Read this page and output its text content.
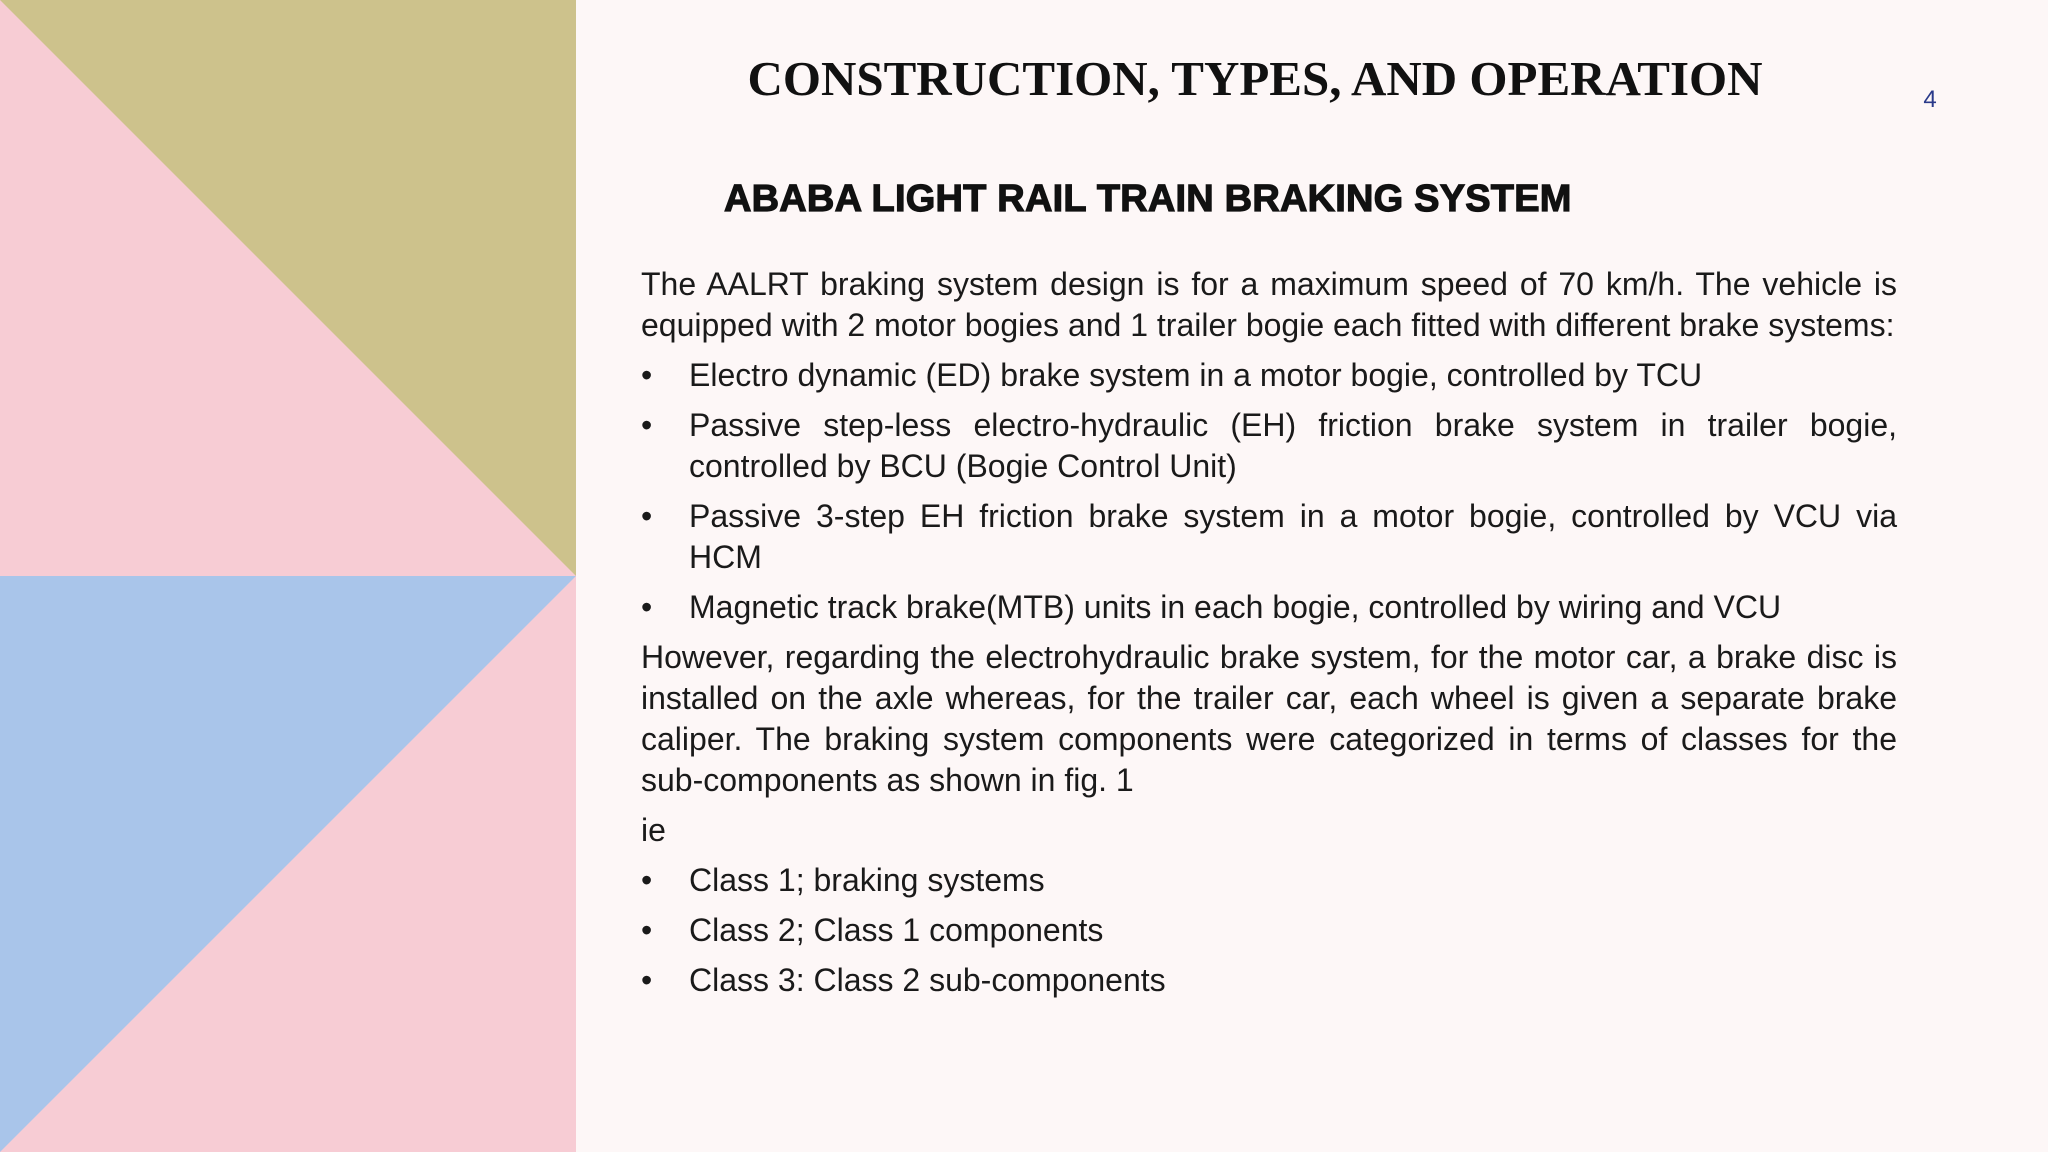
CONSTRUCTION, TYPES, AND OPERATION	4
ABABA LIGHT RAIL TRAIN BRAKING SYSTEM

The AALRT braking system design is for a maximum speed of 70 km/h. The vehicle is equipped with 2 motor bogies and 1 trailer bogie each fitted with different brake systems:

• Electro dynamic (ED) brake system in a motor bogie, controlled by TCU
• Passive step-less electro-hydraulic (EH) friction brake system in trailer bogie, controlled by BCU (Bogie Control Unit)
• Passive 3-step EH friction brake system in a motor bogie, controlled by VCU via HCM
• Magnetic track brake(MTB) units in each bogie, controlled by wiring and VCU

However, regarding the electrohydraulic brake system, for the motor car, a brake disc is installed on the axle whereas, for the trailer car, each wheel is given a separate brake caliper. The braking system components were categorized in terms of classes for the sub-components as shown in fig. 1

ie

• Class 1; braking systems
• Class 2; Class 1 components
• Class 3: Class 2 sub-components
